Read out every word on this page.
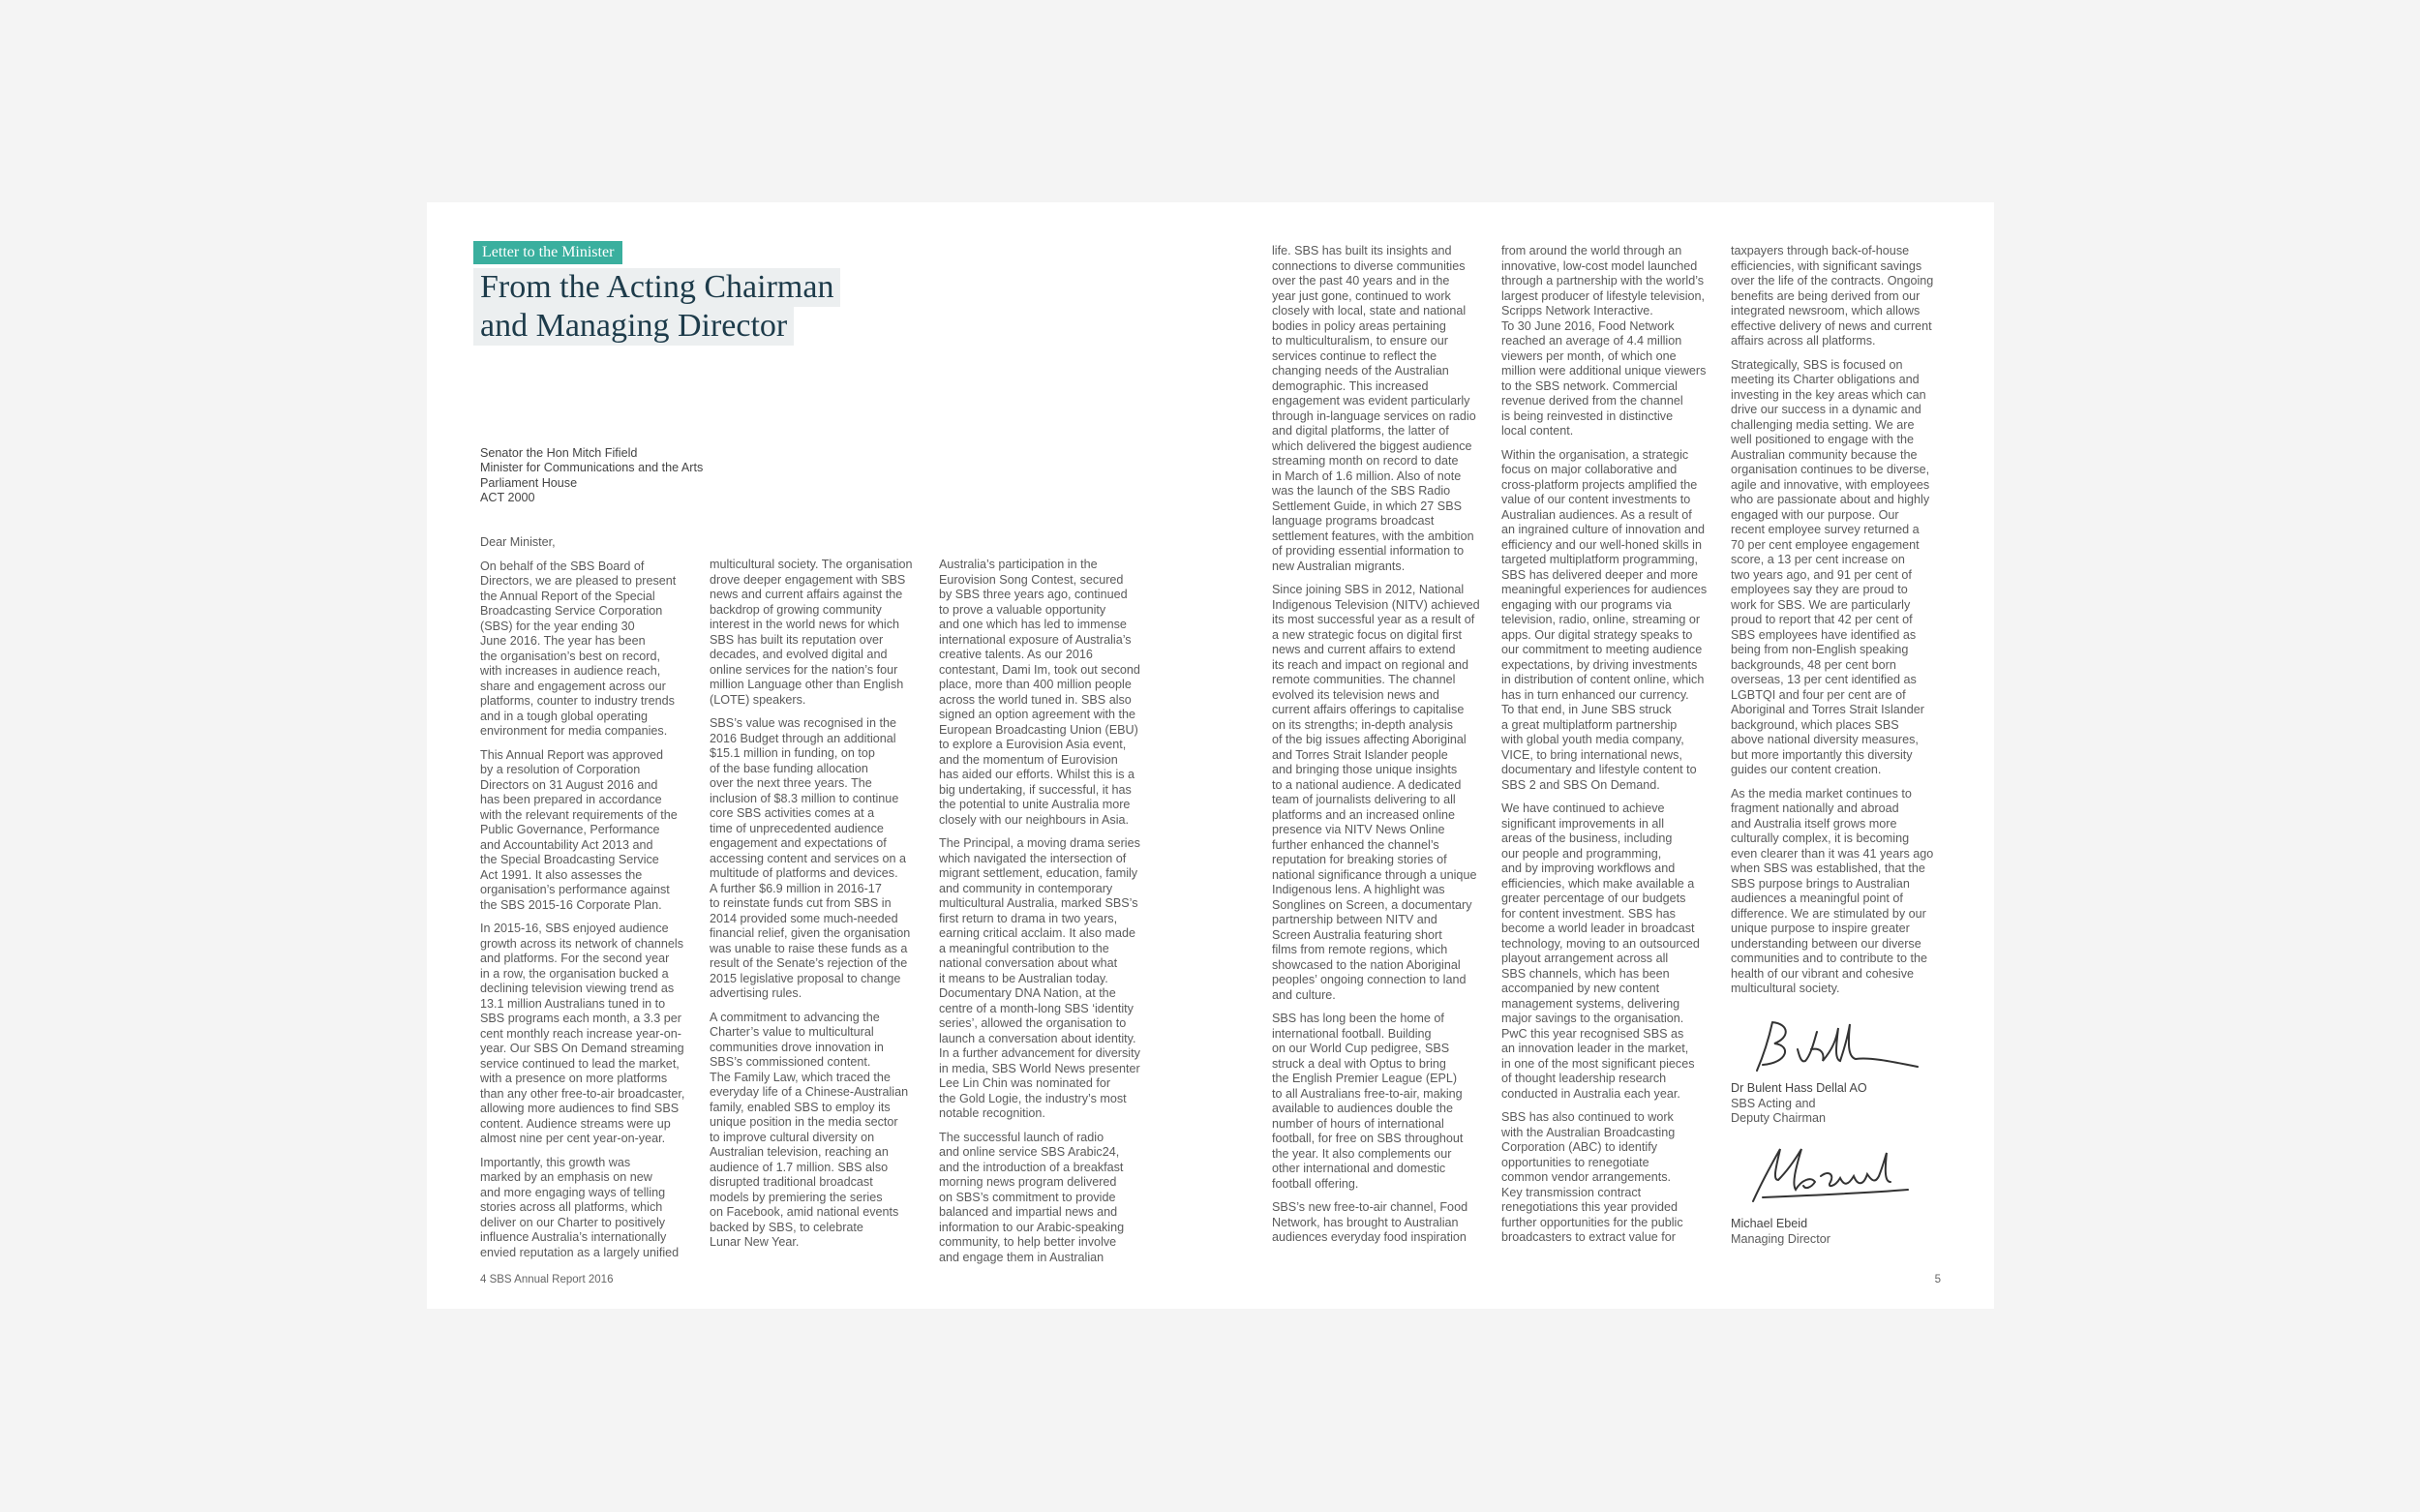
Letter to the Minister
From the Acting Chairman
and Managing Director
Senator the Hon Mitch Fifield
Minister for Communications and the Arts
Parliament House
ACT 2000

Dear Minister,

On behalf of the SBS Board of
Directors, we are pleased to present
the Annual Report of the Special
Broadcasting Service Corporation
(SBS) for the year ending 30
June 2016. The year has been
the organisation’s best on record,
with increases in audience reach,
share and engagement across our
platforms, counter to industry trends
and in a tough global operating
environment for media companies.

This Annual Report was approved
by a resolution of Corporation
Directors on 31 August 2016 and
has been prepared in accordance
with the relevant requirements of the
Public Governance, Performance
and Accountability Act 2013 and
the Special Broadcasting Service
Act 1991. It also assesses the
organisation’s performance against
the SBS 2015-16 Corporate Plan.

In 2015-16, SBS enjoyed audience
growth across its network of channels
and platforms. For the second year
in a row, the organisation bucked a
declining television viewing trend as
13.1 million Australians tuned in to
SBS programs each month, a 3.3 per
cent monthly reach increase year-on-
year. Our SBS On Demand streaming
service continued to lead the market,
with a presence on more platforms
than any other free-to-air broadcaster,
allowing more audiences to find SBS
content. Audience streams were up
almost nine per cent year-on-year.

Importantly, this growth was
marked by an emphasis on new
and more engaging ways of telling
stories across all platforms, which
deliver on our Charter to positively
influence Australia’s internationally
envied reputation as a largely unified

multicultural society. The organisation
drove deeper engagement with SBS
news and current affairs against the
backdrop of growing community
interest in the world news for which
SBS has built its reputation over
decades, and evolved digital and
online services for the nation’s four
million Language other than English
(LOTE) speakers.

SBS’s value was recognised in the
2016 Budget through an additional
$15.1 million in funding, on top
of the base funding allocation
over the next three years. The
inclusion of $8.3 million to continue
core SBS activities comes at a
time of unprecedented audience
engagement and expectations of
accessing content and services on a
multitude of platforms and devices.
A further $6.9 million in 2016-17
to reinstate funds cut from SBS in
2014 provided some much-needed
financial relief, given the organisation
was unable to raise these funds as a
result of the Senate’s rejection of the
2015 legislative proposal to change
advertising rules.

A commitment to advancing the
Charter’s value to multicultural
communities drove innovation in
SBS’s commissioned content.
The Family Law, which traced the
everyday life of a Chinese-Australian
family, enabled SBS to employ its
unique position in the media sector
to improve cultural diversity on
Australian television, reaching an
audience of 1.7 million. SBS also
disrupted traditional broadcast
models by premiering the series
on Facebook, amid national events
backed by SBS, to celebrate
Lunar New Year.

Australia’s participation in the
Eurovision Song Contest, secured
by SBS three years ago, continued
to prove a valuable opportunity
and one which has led to immense
international exposure of Australia’s
creative talents. As our 2016
contestant, Dami Im, took out second
place, more than 400 million people
across the world tuned in. SBS also
signed an option agreement with the
European Broadcasting Union (EBU)
to explore a Eurovision Asia event,
and the momentum of Eurovision
has aided our efforts. Whilst this is a
big undertaking, if successful, it has
the potential to unite Australia more
closely with our neighbours in Asia.

The Principal, a moving drama series
which navigated the intersection of
migrant settlement, education, family
and community in contemporary
multicultural Australia, marked SBS’s
first return to drama in two years,
earning critical acclaim. It also made
a meaningful contribution to the
national conversation about what
it means to be Australian today.
Documentary DNA Nation, at the
centre of a month-long SBS ‘identity
series’, allowed the organisation to
launch a conversation about identity.
In a further advancement for diversity
in media, SBS World News presenter
Lee Lin Chin was nominated for
the Gold Logie, the industry’s most
notable recognition.

The successful launch of radio
and online service SBS Arabic24,
and the introduction of a breakfast
morning news program delivered
on SBS’s commitment to provide
balanced and impartial news and
information to our Arabic-speaking
community, to help better involve
and engage them in Australian

life. SBS has built its insights and
connections to diverse communities
over the past 40 years and in the
year just gone, continued to work
closely with local, state and national
bodies in policy areas pertaining
to multiculturalism, to ensure our
services continue to reflect the
changing needs of the Australian
demographic. This increased
engagement was evident particularly
through in-language services on radio
and digital platforms, the latter of
which delivered the biggest audience
streaming month on record to date
in March of 1.6 million. Also of note
was the launch of the SBS Radio
Settlement Guide, in which 27 SBS
language programs broadcast
settlement features, with the ambition
of providing essential information to
new Australian migrants.

Since joining SBS in 2012, National
Indigenous Television (NITV) achieved
its most successful year as a result of
a new strategic focus on digital first
news and current affairs to extend
its reach and impact on regional and
remote communities. The channel
evolved its television news and
current affairs offerings to capitalise
on its strengths; in-depth analysis
of the big issues affecting Aboriginal
and Torres Strait Islander people
and bringing those unique insights
to a national audience. A dedicated
team of journalists delivering to all
platforms and an increased online
presence via NITV News Online
further enhanced the channel’s
reputation for breaking stories of
national significance through a unique
Indigenous lens. A highlight was
Songlines on Screen, a documentary
partnership between NITV and
Screen Australia featuring short
films from remote regions, which
showcased to the nation Aboriginal
peoples’ ongoing connection to land
and culture.

SBS has long been the home of
international football. Building
on our World Cup pedigree, SBS
struck a deal with Optus to bring
the English Premier League (EPL)
to all Australians free-to-air, making
available to audiences double the
number of hours of international
football, for free on SBS throughout
the year. It also complements our
other international and domestic
football offering.

SBS’s new free-to-air channel, Food
Network, has brought to Australian
audiences everyday food inspiration

from around the world through an
innovative, low-cost model launched
through a partnership with the world’s
largest producer of lifestyle television,
Scripps Network Interactive.
To 30 June 2016, Food Network
reached an average of 4.4 million
viewers per month, of which one
million were additional unique viewers
to the SBS network. Commercial
revenue derived from the channel
is being reinvested in distinctive
local content.

Within the organisation, a strategic
focus on major collaborative and
cross-platform projects amplified the
value of our content investments to
Australian audiences. As a result of
an ingrained culture of innovation and
efficiency and our well-honed skills in
targeted multiplatform programming,
SBS has delivered deeper and more
meaningful experiences for audiences
engaging with our programs via
television, radio, online, streaming or
apps. Our digital strategy speaks to
our commitment to meeting audience
expectations, by driving investments
in distribution of content online, which
has in turn enhanced our currency.
To that end, in June SBS struck
a great multiplatform partnership
with global youth media company,
VICE, to bring international news,
documentary and lifestyle content to
SBS 2 and SBS On Demand.

We have continued to achieve
significant improvements in all
areas of the business, including
our people and programming,
and by improving workflows and
efficiencies, which make available a
greater percentage of our budgets
for content investment. SBS has
become a world leader in broadcast
technology, moving to an outsourced
playout arrangement across all
SBS channels, which has been
accompanied by new content
management systems, delivering
major savings to the organisation.
PwC this year recognised SBS as
an innovation leader in the market,
in one of the most significant pieces
of thought leadership research
conducted in Australia each year.

SBS has also continued to work
with the Australian Broadcasting
Corporation (ABC) to identify
opportunities to renegotiate
common vendor arrangements.
Key transmission contract
renegotiations this year provided
further opportunities for the public
broadcasters to extract value for

taxpayers through back-of-house
efficiencies, with significant savings
over the life of the contracts. Ongoing
benefits are being derived from our
integrated newsroom, which allows
effective delivery of news and current
affairs across all platforms.

Strategically, SBS is focused on
meeting its Charter obligations and
investing in the key areas which can
drive our success in a dynamic and
challenging media setting. We are
well positioned to engage with the
Australian community because the
organisation continues to be diverse,
agile and innovative, with employees
who are passionate about and highly
engaged with our purpose. Our
recent employee survey returned a
70 per cent employee engagement
score, a 13 per cent increase on
two years ago, and 91 per cent of
employees say they are proud to
work for SBS. We are particularly
proud to report that 42 per cent of
SBS employees have identified as
being from non-English speaking
backgrounds, 48 per cent born
overseas, 13 per cent identified as
LGBTQI and four per cent are of
Aboriginal and Torres Strait Islander
background, which places SBS
above national diversity measures,
but more importantly this diversity
guides our content creation.

As the media market continues to
fragment nationally and abroad
and Australia itself grows more
culturally complex, it is becoming
even clearer than it was 41 years ago
when SBS was established, that the
SBS purpose brings to Australian
audiences a meaningful point of
difference. We are stimulated by our
unique purpose to inspire greater
understanding between our diverse
communities and to contribute to the
health of our vibrant and cohesive
multicultural society.

Dr Bulent Hass Dellal AO
SBS Acting and
Deputy Chairman
Michael Ebeid
Managing Director
4 SBS Annual Report 2016	5
